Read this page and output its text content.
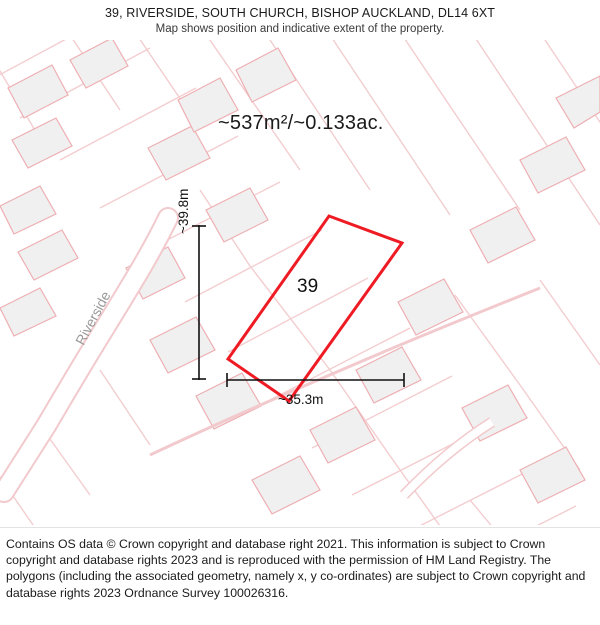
39, RIVERSIDE, SOUTH CHURCH, BISHOP AUCKLAND, DL14 6XT
Map shows position and indicative extent of the property.
~537m²/~0.133ac.
39
~39.8m
~35.3m
Riverside

Contains OS data © Crown copyright and database right 2021. This information is subject to Crown copyright and database rights 2023 and is reproduced with the permission of HM Land Registry. The polygons (including the associated geometry, namely x, y co-ordinates) are subject to Crown copyright and database rights 2023 Ordnance Survey 100026316.
